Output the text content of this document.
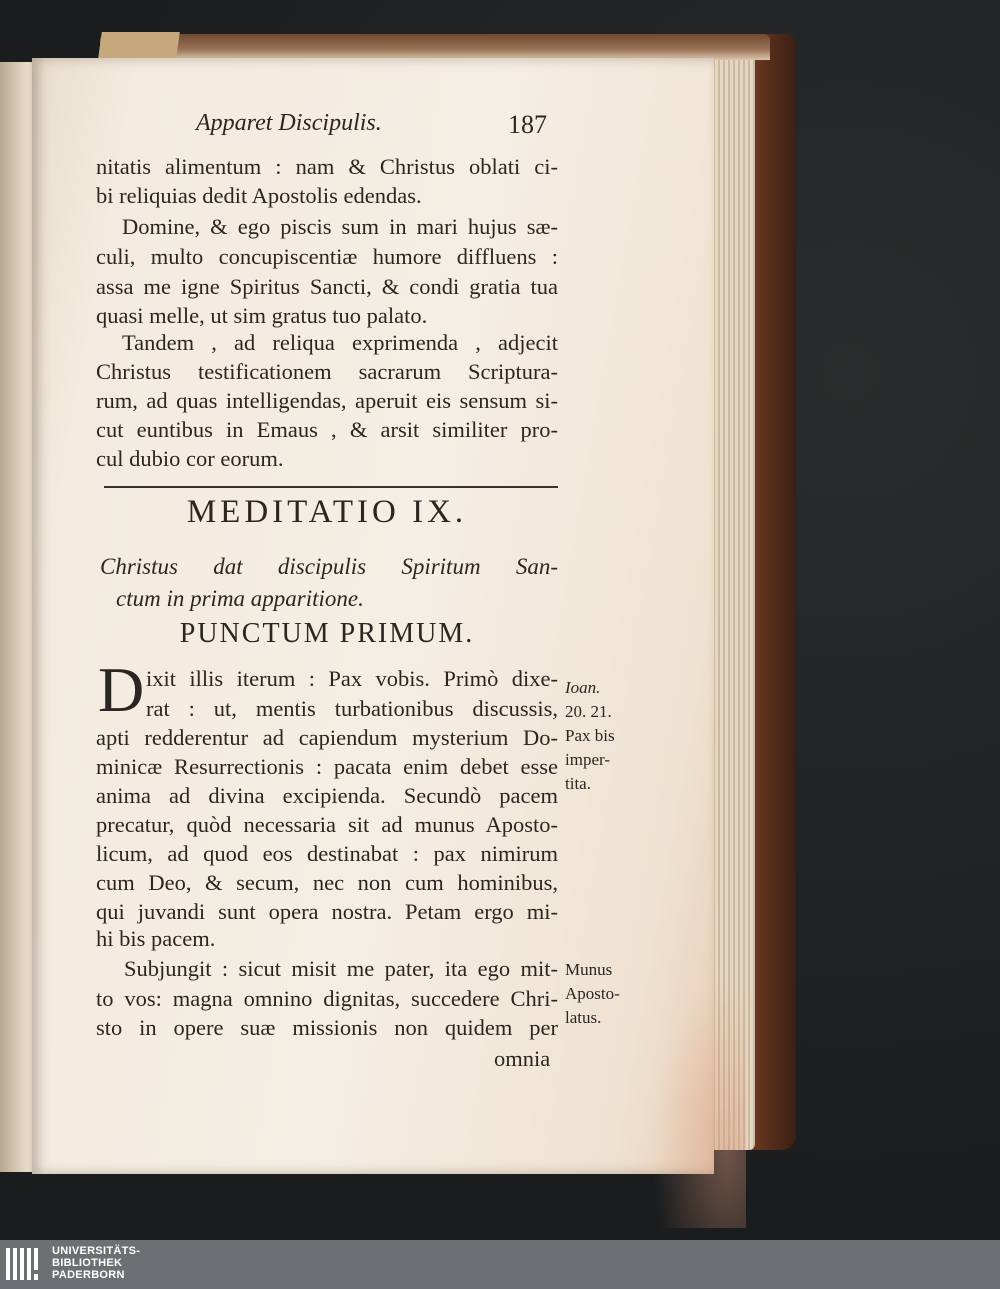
Apparet Discipulis.	187
nitatis alimentum : nam & Christus oblati ci-
bi reliquias dedit Apostolis edendas.
Domine, & ego piscis sum in mari hujus sæ-
culi, multo concupiscentiæ humore diffluens :
assa me igne Spiritus Sancti, & condi gratia tua
quasi melle, ut sim gratus tuo palato.
Tandem , ad reliqua exprimenda , adjecit
Christus testificationem sacrarum Scriptura-
rum, ad quas intelligendas, aperuit eis sensum si-
cut euntibus in Emaus , & arsit similiter pro-
cul dubio cor eorum.
MEDITATIO IX.
Christus dat discipulis Spiritum San-
ctum in prima apparitione.
PUNCTUM PRIMUM.
D ixit illis iterum : Pax vobis. Primò dixe-
rat : ut, mentis turbationibus discussis,
apti redderentur ad capiendum mysterium Do-
minicæ Resurrectionis : pacata enim debet esse
anima ad divina excipienda. Secundò pacem
precatur, quòd necessaria sit ad munus Aposto-
licum, ad quod eos destinabat : pax nimirum
cum Deo, & secum, nec non cum hominibus,
qui juvandi sunt opera nostra. Petam ergo mi-
hi bis pacem.
Subjungit : sicut misit me pater, ita ego mit-
to vos: magna omnino dignitas, succedere Chri-
sto in opere suæ missionis non quidem per
omnia
Ioan.
20. 21.
Pax bis
imper-
tita.
Munus
Aposto-
latus.
UNIVERSITÄTS-
BIBLIOTHEK
PADERBORN
